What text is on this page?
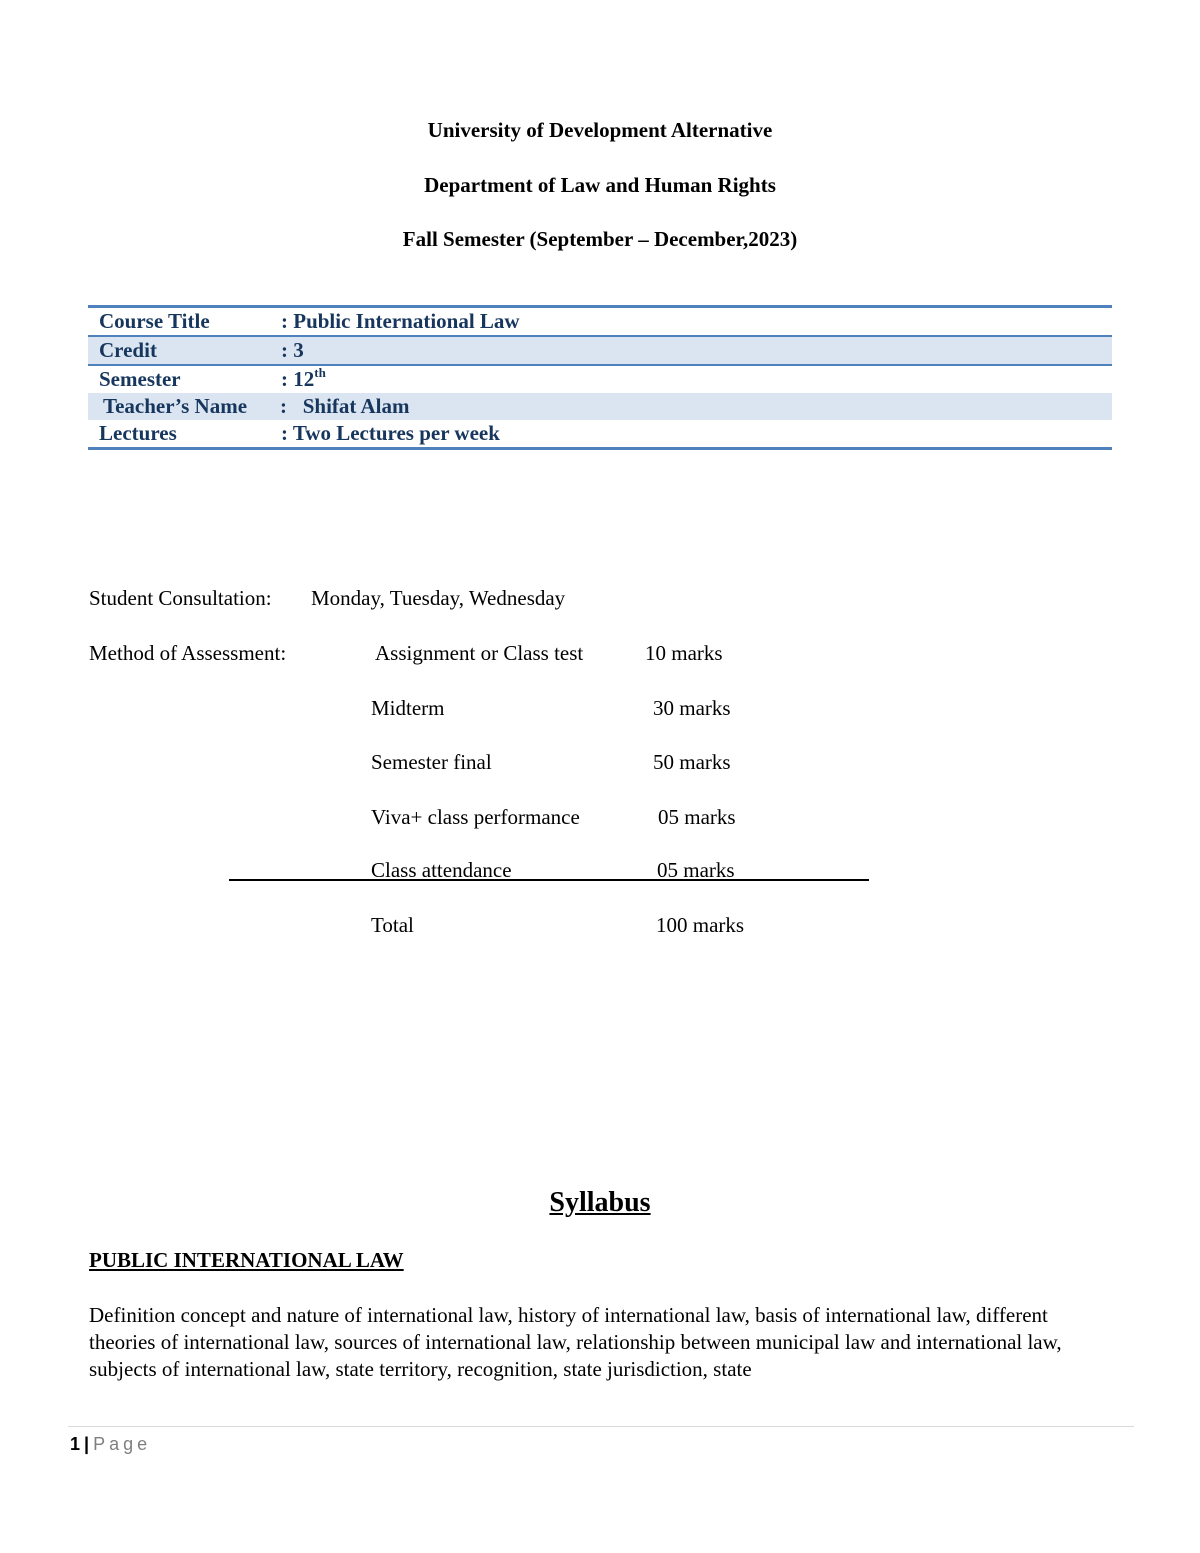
University of Development Alternative
Department of Law and Human Rights
Fall Semester (September – December,2023)
Course Title	: Public International Law
Credit	: 3
Semester	: 12th
Teacher’s Name :   Shifat Alam
Lectures	: Two Lectures per week
Student Consultation: Monday, Tuesday, Wednesday
Method of Assessment:	Assignment or Class test	10 marks
Midterm	30 marks
Semester final	50 marks
Viva+ class performance	05 marks
Class attendance	05 marks
Total	100 marks
Syllabus
PUBLIC INTERNATIONAL LAW
Definition concept and nature of international law, history of international law, basis of international law, different theories of international law, sources of international law, relationship between municipal law and international law, subjects of international law, state territory, recognition, state jurisdiction, state
1 | Page
